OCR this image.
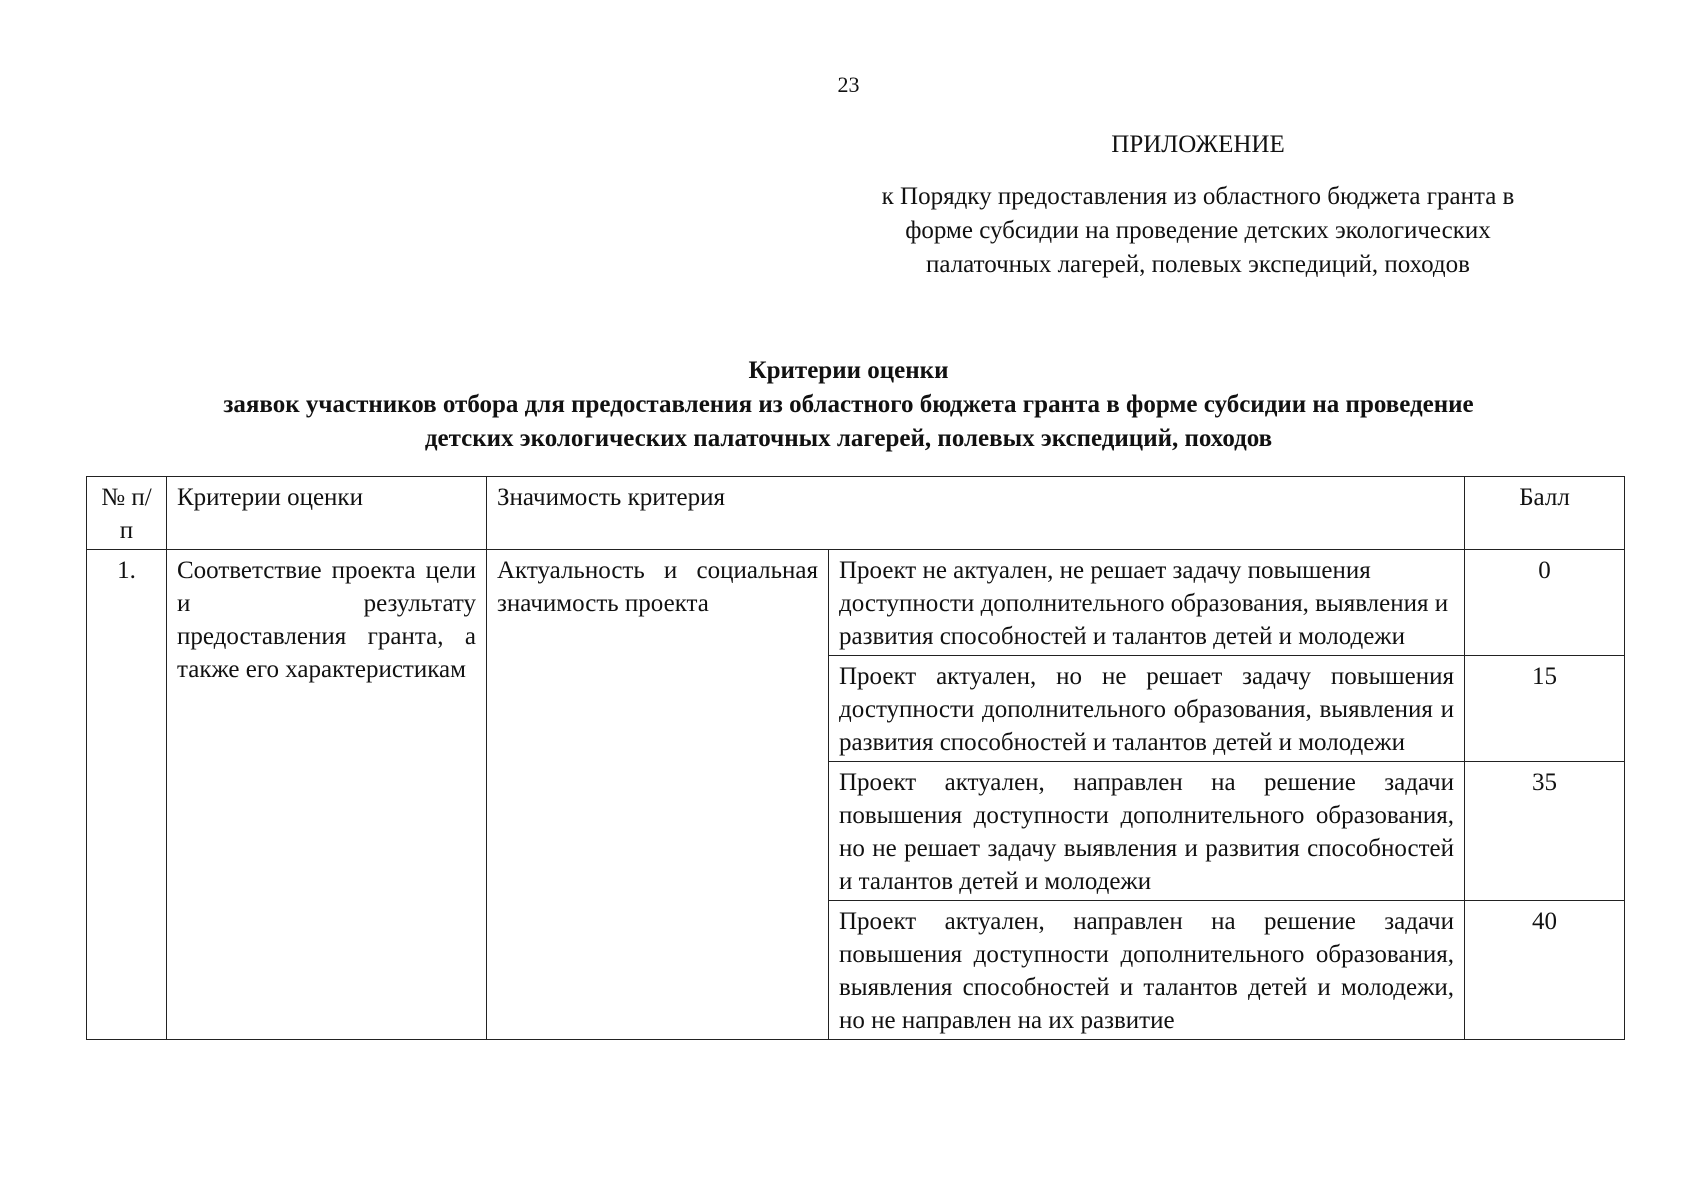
23
ПРИЛОЖЕНИЕ
к Порядку предоставления из областного бюджета гранта в
форме субсидии на проведение детских экологических
палаточных лагерей, полевых экспедиций, походов
Критерии оценки
заявок участников отбора для предоставления из областного бюджета гранта в форме субсидии на проведение
детских экологических палаточных лагерей, полевых экспедиций, походов
№ п/п	Критерии оценки	Значимость критерия		Балл
1.	Соответствие проекта цели и результату предоставления гранта, а также его характеристикам	Актуальность и социальная значимость проекта	Проект не актуален, не решает задачу повышения доступности дополнительного образования, выявления и развития способностей и талантов детей и молодежи	0
			Проект актуален, но не решает задачу повышения доступности дополнительного образования, выявления и развития способностей и талантов детей и молодежи	15
			Проект актуален, направлен на решение задачи повышения доступности дополнительного образования, но не решает задачу выявления и развития способностей и талантов детей и молодежи	35
			Проект актуален, направлен на решение задачи повышения доступности дополнительного образования, выявления способностей и талантов детей и молодежи, но не направлен на их развитие	40
